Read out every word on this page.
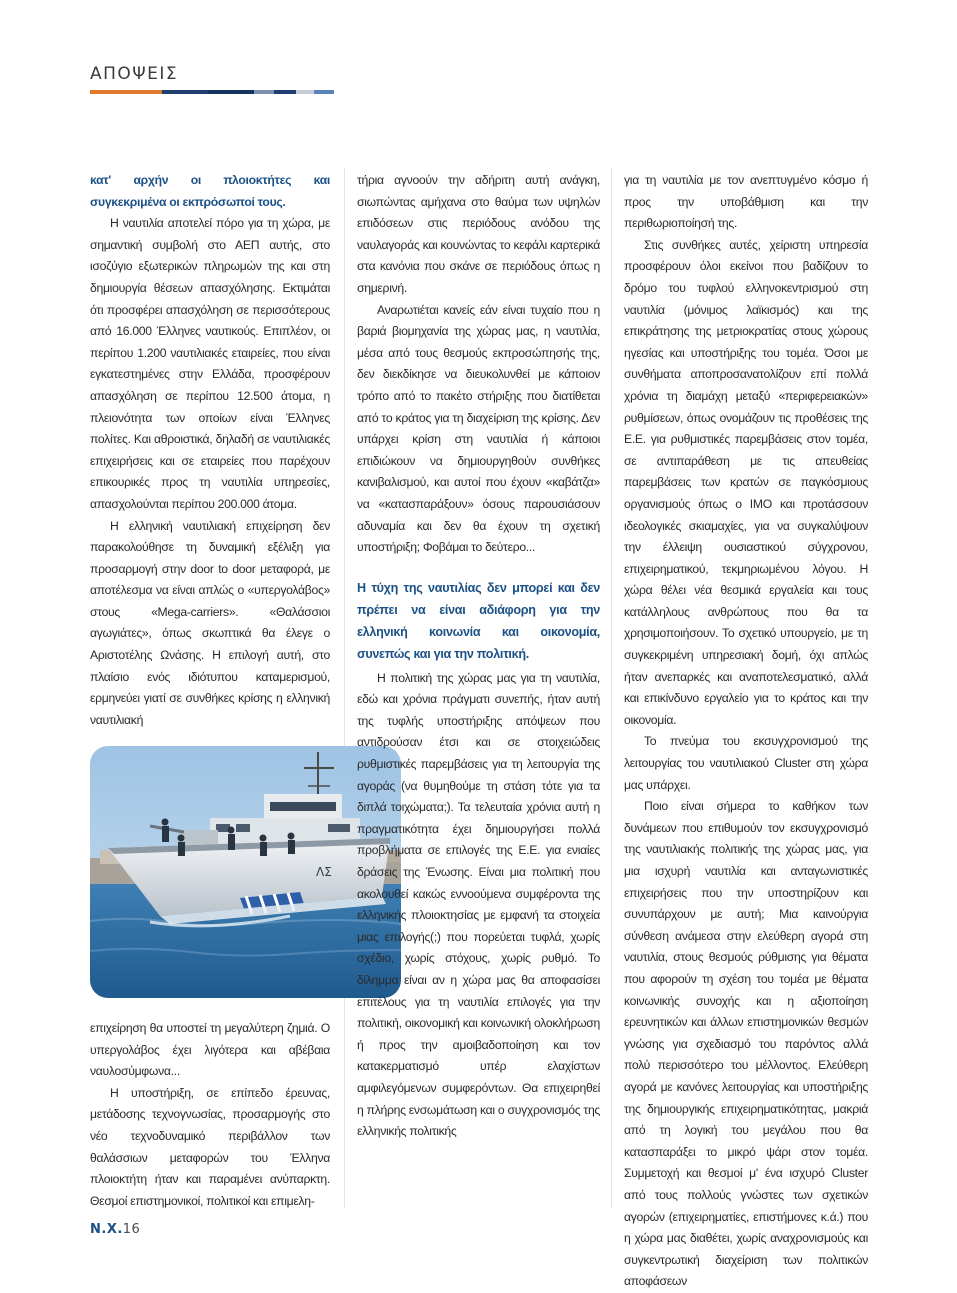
ΑΠΟΨΕΙΣ

κατ' αρχήν οι πλοιοκτήτες και συγκεκριμένα οι εκπρόσωποί τους.

Η ναυτιλία αποτελεί πόρο για τη χώρα, με σημαντική συμβολή στο ΑΕΠ αυτής, στο ισοζύγιο εξωτερικών πληρωμών της και στη δημιουργία θέσεων απασχόλησης. Εκτιμάται ότι προσφέρει απασχόληση σε περισσότερους από 16.000 Έλληνες ναυτικούς. Επιπλέον, οι περίπου 1.200 ναυτιλιακές εταιρείες, που είναι εγκατεστημένες στην Ελλάδα, προσφέρουν απασχόληση σε περίπου 12.500 άτομα, η πλειονότητα των οποίων είναι Έλληνες πολίτες. Και αθροιστικά, δηλαδή σε ναυτιλιακές επιχειρήσεις και σε εταιρείες που παρέχουν επικουρικές προς τη ναυτιλία υπηρεσίες, απασχολούνται περίπου 200.000 άτομα.

Η ελληνική ναυτιλιακή επιχείρηση δεν παρακολούθησε τη δυναμική εξέλιξη για προσαρμογή στην door to door μεταφορά, με αποτέλεσμα να είναι απλώς ο «υπεργολάβος» στους «Mega-carriers». «Θαλάσσιοι αγωγιάτες», όπως σκωπτικά θα έλεγε ο Αριστοτέλης Ωνάσης. Η επιλογή αυτή, στο πλαίσιο ενός ιδιότυπου καταμερισμού, ερμηνεύει γιατί σε συνθήκες κρίσης η ελληνική ναυτιλιακή

ΛΣ

επιχείρηση θα υποστεί τη μεγαλύτερη ζημιά. Ο υπεργολάβος έχει λιγότερα και αβέβαια ναυλοσύμφωνα...

Η υποστήριξη, σε επίπεδο έρευνας, μετάδοσης τεχνογνωσίας, προσαρμογής στο νέο τεχνοδυναμικό περιβάλλον των θαλάσσιων μεταφορών του Έλληνα πλοιοκτήτη ήταν και παραμένει ανύπαρκτη. Θεσμοί επιστημονικοί, πολιτικοί και επιμελη-

τήρια αγνοούν την αδήριτη αυτή ανάγκη, σιωπώντας αμήχανα στο θαύμα των υψηλών επιδόσεων στις περιόδους ανόδου της ναυλαγοράς και κουνώντας το κεφάλι καρτερικά στα κανόνια που σκάνε σε περιόδους όπως η σημερινή.

Αναρωτιέται κανείς εάν είναι τυχαίο που η βαριά βιομηχανία της χώρας μας, η ναυτιλία, μέσα από τους θεσμούς εκπροσώπησής της, δεν διεκδίκησε να διευκολυνθεί με κάποιον τρόπο από το πακέτο στήριξης που διατίθεται από το κράτος για τη διαχείριση της κρίσης. Δεν υπάρχει κρίση στη ναυτιλία ή κάποιοι επιδιώκουν να δημιουργηθούν συνθήκες κανιβαλισμού, και αυτοί που έχουν «καβάτζα» να «κατασπαράξουν» όσους παρουσιάσουν αδυναμία και δεν θα έχουν τη σχετική υποστήριξη; Φοβάμαι το δεύτερο...

Η τύχη της ναυτιλίας δεν μπορεί και δεν πρέπει να είναι αδιάφορη για την ελληνική κοινωνία και οικονομία, συνεπώς και για την πολιτική.

Η πολιτική της χώρας μας για τη ναυτιλία, εδώ και χρόνια πράγματι συνεπής, ήταν αυτή της τυφλής υποστήριξης απόψεων που αντιδρούσαν έτσι και σε στοιχειώδεις ρυθμιστικές παρεμβάσεις για τη λειτουργία της αγοράς (να θυμηθούμε τη στάση τότε για τα διπλά τοιχώματα;). Τα τελευταία χρόνια αυτή η πραγματικότητα έχει δημιουργήσει πολλά προβλήματα σε επιλογές της Ε.Ε. για ενιαίες δράσεις της Ένωσης. Είναι μια πολιτική που ακολουθεί κακώς εννοούμενα συμφέροντα της ελληνικής πλοιοκτησίας με εμφανή τα στοιχεία μιας επιλογής(;) που πορεύεται τυφλά, χωρίς σχέδιο, χωρίς στόχους, χωρίς ρυθμό. Το δίλημμα είναι αν η χώρα μας θα αποφασίσει επιτέλους για τη ναυτιλία επιλογές για την πολιτική, οικονομική και κοινωνική ολοκλήρωση ή προς την αμοιβαδοποίηση και τον κατακερματισμό υπέρ ελαχίστων αμφιλεγόμενων συμφερόντων. Θα επιχειρηθεί η πλήρης ενσωμάτωση και ο συγχρονισμός της ελληνικής πολιτικής

για τη ναυτιλία με τον ανεπτυγμένο κόσμο ή προς την υποβάθμιση και την περιθωριοποίησή της.

Στις συνθήκες αυτές, χείριστη υπηρεσία προσφέρουν όλοι εκείνοι που βαδίζουν το δρόμο του τυφλού ελληνοκεντρισμού στη ναυτιλία (μόνιμος λαϊκισμός) και της επικράτησης της μετριοκρατίας στους χώρους ηγεσίας και υποστήριξης του τομέα. Όσοι με συνθήματα αποπροσανατολίζουν επί πολλά χρόνια τη διαμάχη μεταξύ «περιφερειακών» ρυθμίσεων, όπως ονομάζουν τις προθέσεις της Ε.Ε. για ρυθμιστικές παρεμβάσεις στον τομέα, σε αντιπαράθεση με τις απευθείας παρεμβάσεις των κρατών σε παγκόσμιους οργανισμούς όπως ο ΙΜΟ και προτάσσουν ιδεολογικές σκιαμαχίες, για να συγκαλύψουν την έλλειψη ουσιαστικού σύγχρονου, επιχειρηματικού, τεκμηριωμένου λόγου. Η χώρα θέλει νέα θεσμικά εργαλεία και τους κατάλληλους ανθρώπους που θα τα χρησιμοποιήσουν. Το σχετικό υπουργείο, με τη συγκεκριμένη υπηρεσιακή δομή, όχι απλώς ήταν ανεπαρκές και αναποτελεσματικό, αλλά και επικίνδυνο εργαλείο για το κράτος και την οικονομία.

Το πνεύμα του εκσυγχρονισμού της λειτουργίας του ναυτιλιακού Cluster στη χώρα μας υπάρχει.

Ποιο είναι σήμερα το καθήκον των δυνάμεων που επιθυμούν τον εκσυγχρονισμό της ναυτιλιακής πολιτικής της χώρας μας, για μια ισχυρή ναυτιλία και ανταγωνιστικές επιχειρήσεις που την υποστηρίζουν και συνυπάρχουν με αυτή; Μια καινούργια σύνθεση ανάμεσα στην ελεύθερη αγορά στη ναυτιλία, στους θεσμούς ρύθμισης για θέματα που αφορούν τη σχέση του τομέα με θέματα κοινωνικής συνοχής και η αξιοποίηση ερευνητικών και άλλων επιστημονικών θεσμών γνώσης για σχεδιασμό του παρόντος αλλά πολύ περισσότερο του μέλλοντος. Ελεύθερη αγορά με κανόνες λειτουργίας και υποστήριξης της δημιουργικής επιχειρηματικότητας, μακριά από τη λογική του μεγάλου που θα κατασπαράξει το μικρό ψάρι στον τομέα. Συμμετοχή και θεσμοί μ' ένα ισχυρό Cluster από τους πολλούς γνώστες των σχετικών αγορών (επιχειρηματίες, επιστήμονες κ.ά.) που η χώρα μας διαθέτει, χωρίς αναχρονισμούς και συγκεντρωτική διαχείριση των πολιτικών αποφάσεων

Ν.Χ.16
